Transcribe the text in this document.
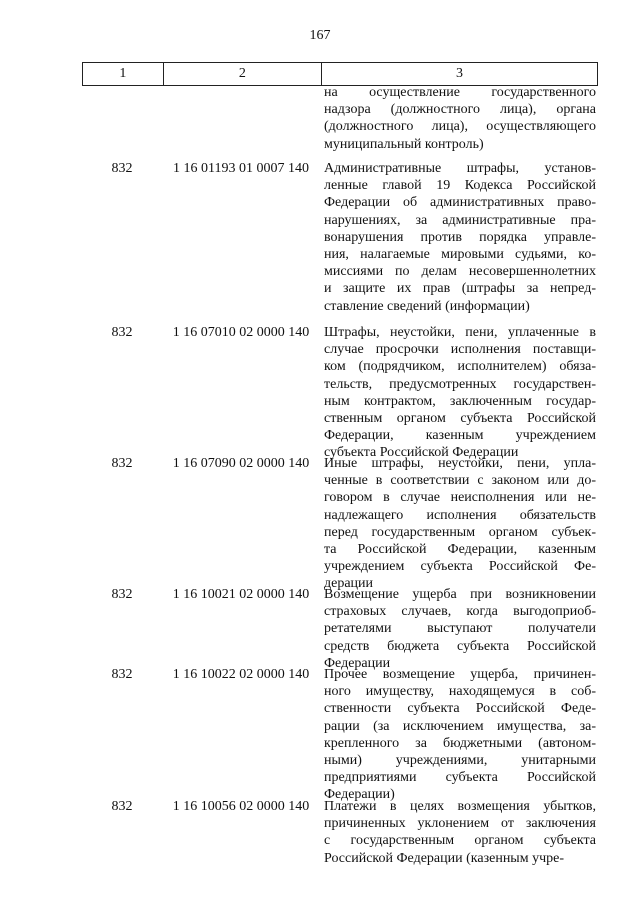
167
1	2	3
на осуществление государственного
надзора (должностного лица), органа
(должностного лица), осуществляющего
муниципальный контроль)
832	1 16 01193 01 0007 140	Административные штрафы, установ-
ленные главой 19 Кодекса Российской
Федерации об административных право-
нарушениях, за административные пра-
вонарушения против порядка управле-
ния, налагаемые мировыми судьями, ко-
миссиями по делам несовершеннолетних
и защите их прав (штрафы за непред-
ставление сведений (информации)
832	1 16 07010 02 0000 140	Штрафы, неустойки, пени, уплаченные в
случае просрочки исполнения поставщи-
ком (подрядчиком, исполнителем) обяза-
тельств, предусмотренных государствен-
ным контрактом, заключенным государ-
ственным органом субъекта Российской
Федерации, казенным учреждением
субъекта Российской Федерации
832	1 16 07090 02 0000 140	Иные штрафы, неустойки, пени, упла-
ченные в соответствии с законом или до-
говором в случае неисполнения или не-
надлежащего исполнения обязательств
перед государственным органом субъек-
та Российской Федерации, казенным
учреждением субъекта Российской Фе-
дерации
832	1 16 10021 02 0000 140	Возмещение ущерба при возникновении
страховых случаев, когда выгодоприоб-
ретателями выступают получатели
средств бюджета субъекта Российской
Федерации
832	1 16 10022 02 0000 140	Прочее возмещение ущерба, причинен-
ного имуществу, находящемуся в соб-
ственности субъекта Российской Феде-
рации (за исключением имущества, за-
крепленного за бюджетными (автоном-
ными) учреждениями, унитарными
предприятиями субъекта Российской
Федерации)
832	1 16 10056 02 0000 140	Платежи в целях возмещения убытков,
причиненных уклонением от заключения
с государственным органом субъекта
Российской Федерации (казенным учре-
